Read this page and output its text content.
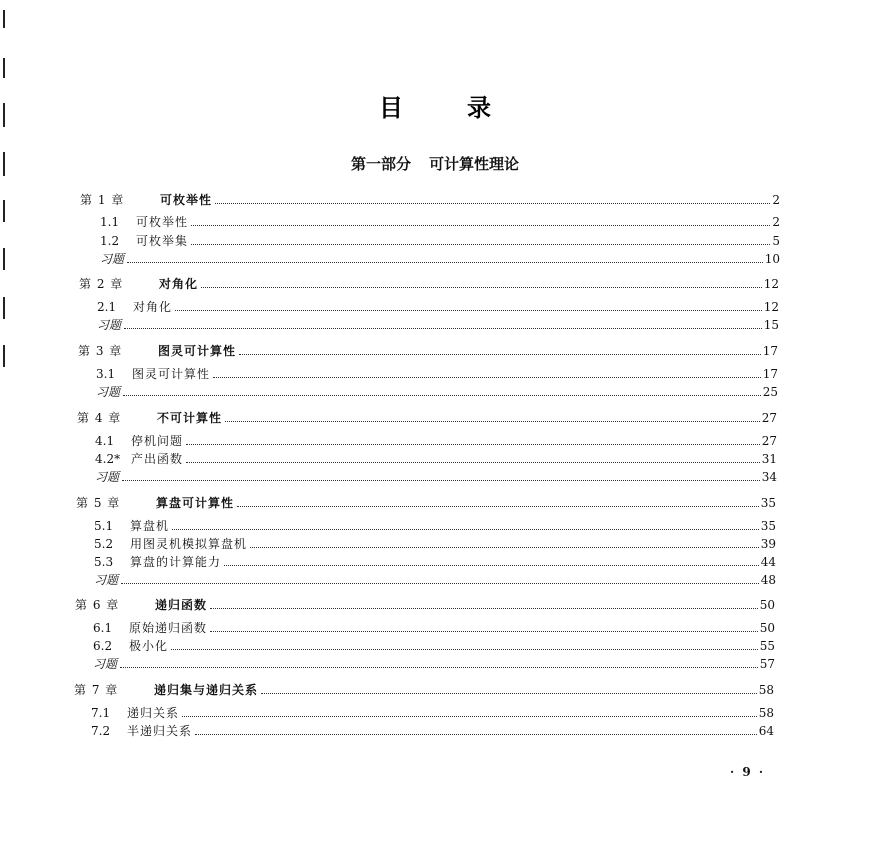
目	录
第一部分 可计算性理论
第 1 章	可枚举性	2
1.1	可枚举性	2
1.2	可枚举集	5
习题	10
第 2 章	对角化	12
2.1	对角化	12
习题	15
第 3 章	图灵可计算性	17
3.1	图灵可计算性	17
习题	25
第 4 章	不可计算性	27
4.1	停机问题	27
4.2* 产出函数	31
习题	34
第 5 章	算盘可计算性	35
5.1	算盘机	35
5.2	用图灵机模拟算盘机	39
5.3	算盘的计算能力	44
习题	48
第 6 章	递归函数	50
6.1	原始递归函数	50
6.2	极小化	55
习题	57
第 7 章	递归集与递归关系	58
7.1	递归关系	58
7.2	半递归关系	64
· 9 ·
